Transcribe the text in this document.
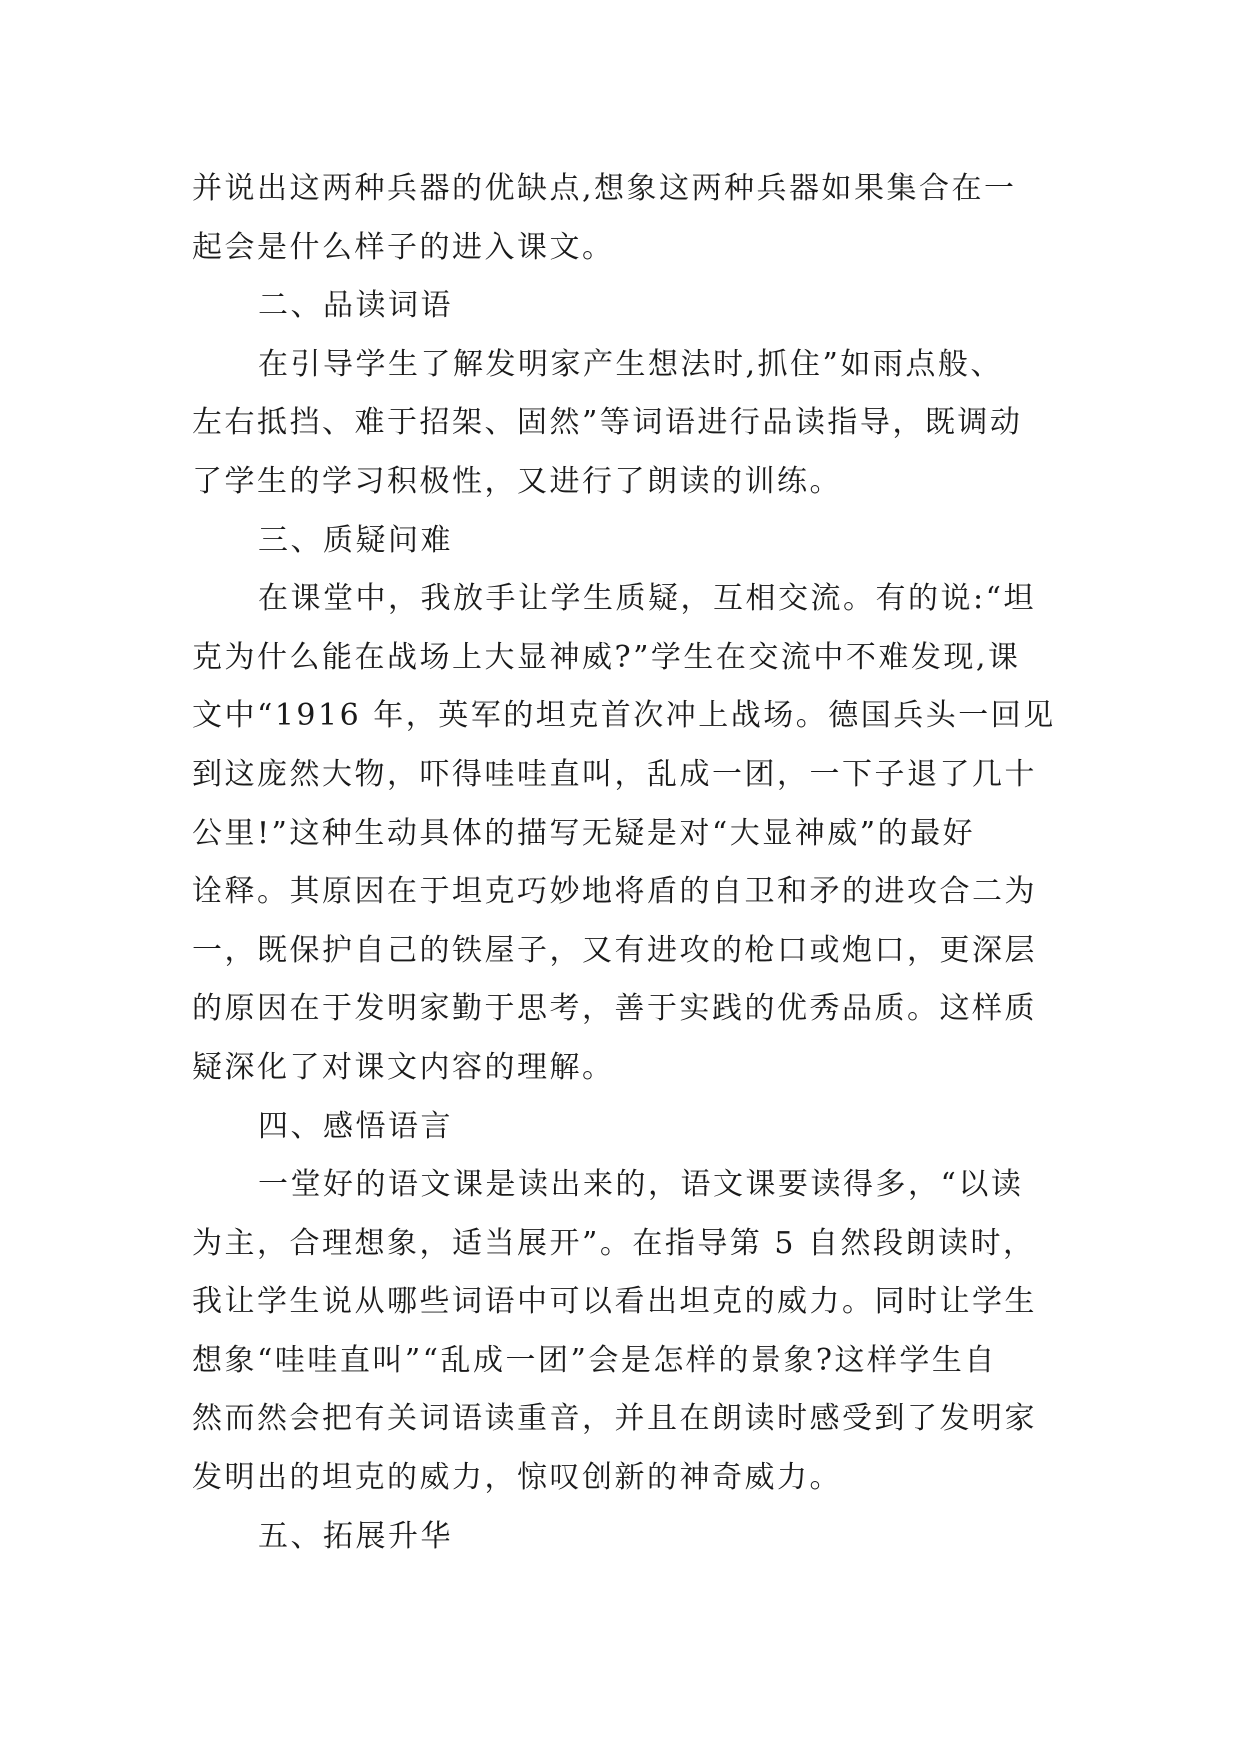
并说出这两种兵器的优缺点,想象这两种兵器如果集合在一
起会是什么样子的进入课文。
二、品读词语
在引导学生了解发明家产生想法时,抓住”如雨点般、
左右抵挡、难于招架、固然”等词语进行品读指导，既调动
了学生的学习积极性，又进行了朗读的训练。
三、质疑问难
在课堂中，我放手让学生质疑，互相交流。有的说:“坦
克为什么能在战场上大显神威?”学生在交流中不难发现,课
文中“1916 年，英军的坦克首次冲上战场。德国兵头一回见
到这庞然大物，吓得哇哇直叫，乱成一团，一下子退了几十
公里!”这种生动具体的描写无疑是对“大显神威”的最好
诠释。其原因在于坦克巧妙地将盾的自卫和矛的进攻合二为
一，既保护自己的铁屋子，又有进攻的枪口或炮口，更深层
的原因在于发明家勤于思考，善于实践的优秀品质。这样质
疑深化了对课文内容的理解。
四、感悟语言
一堂好的语文课是读出来的，语文课要读得多，“以读
为主，合理想象，适当展开”。在指导第 5 自然段朗读时，
我让学生说从哪些词语中可以看出坦克的威力。同时让学生
想象“哇哇直叫”“乱成一团”会是怎样的景象?这样学生自
然而然会把有关词语读重音，并且在朗读时感受到了发明家
发明出的坦克的威力，惊叹创新的神奇威力。
五、拓展升华
